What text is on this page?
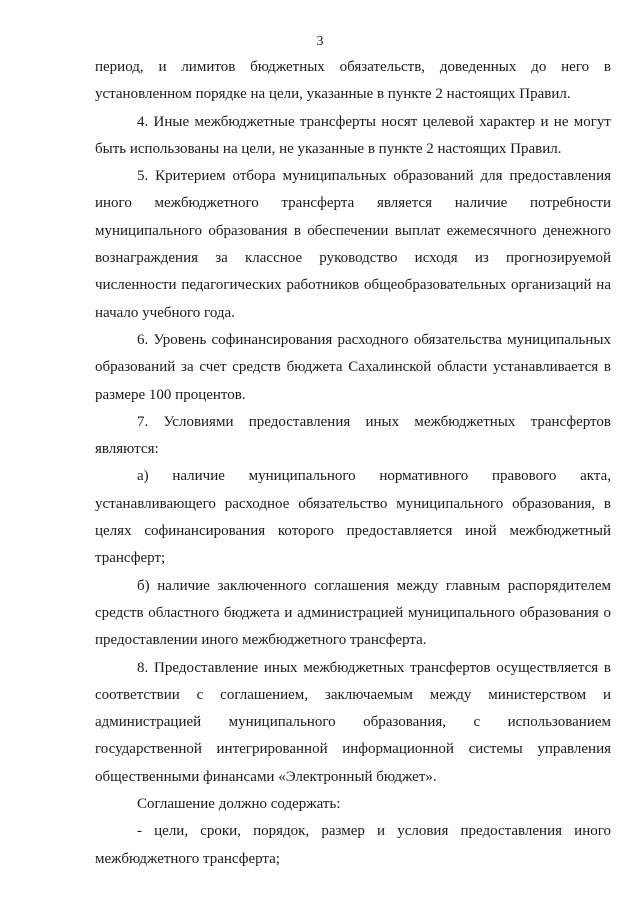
3

период, и лимитов бюджетных обязательств, доведенных до него в установленном порядке на цели, указанные в пункте 2 настоящих Правил.

4. Иные межбюджетные трансферты носят целевой характер и не могут быть использованы на цели, не указанные в пункте 2 настоящих Правил.

5. Критерием отбора муниципальных образований для предоставления иного межбюджетного трансферта является наличие потребности муниципального образования в обеспечении выплат ежемесячного денежного вознаграждения за классное руководство исходя из прогнозируемой численности педагогических работников общеобразовательных организаций на начало учебного года.

6. Уровень софинансирования расходного обязательства муниципальных образований за счет средств бюджета Сахалинской области устанавливается в размере 100 процентов.

7. Условиями предоставления иных межбюджетных трансфертов являются:

а) наличие муниципального нормативного правового акта, устанавливающего расходное обязательство муниципального образования, в целях софинансирования которого предоставляется иной межбюджетный трансферт;

б) наличие заключенного соглашения между главным распорядителем средств областного бюджета и администрацией муниципального образования о предоставлении иного межбюджетного трансферта.

8. Предоставление иных межбюджетных трансфертов осуществляется в соответствии с соглашением, заключаемым между министерством и администрацией муниципального образования, с использованием государственной интегрированной информационной системы управления общественными финансами «Электронный бюджет».

Соглашение должно содержать:

- цели, сроки, порядок, размер и условия предоставления иного межбюджетного трансферта;
